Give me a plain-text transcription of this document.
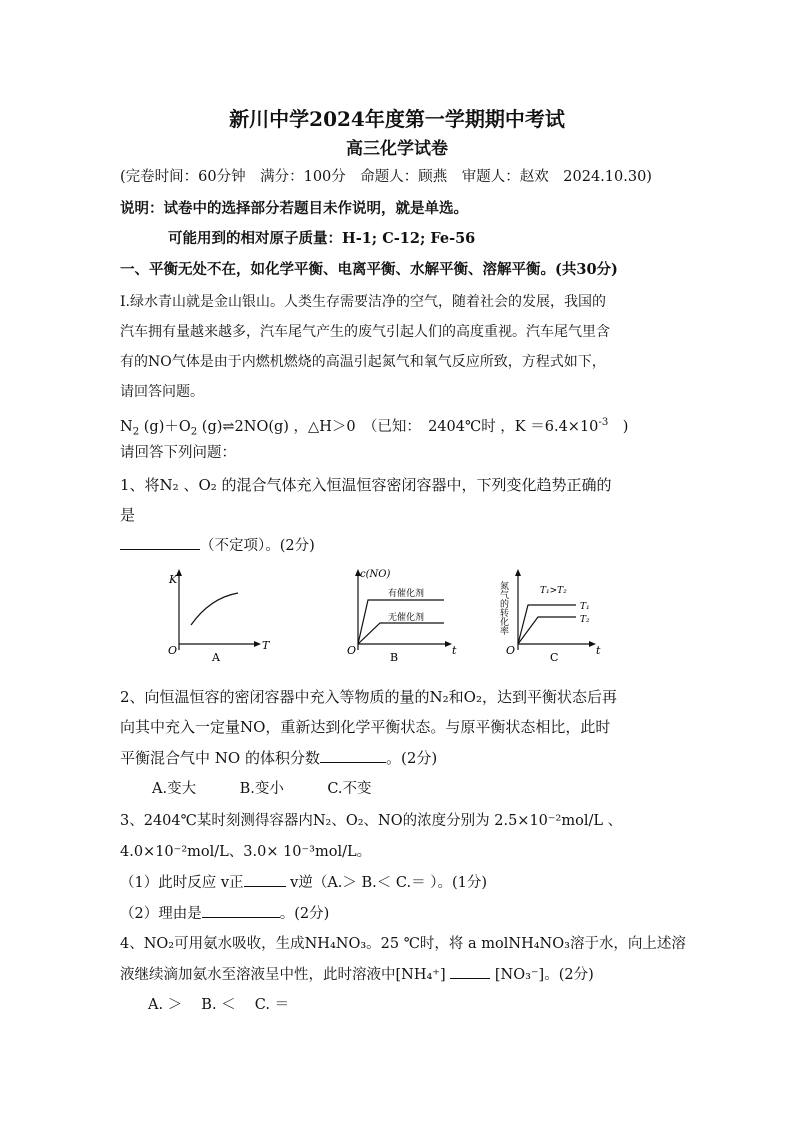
新川中学2024年度第一学期期中考试
高三化学试卷
(完卷时间：60分钟　满分：100分　命题人：顾燕　审题人：赵欢　2024.10.30)
说明：试卷中的选择部分若题目未作说明，就是单选。
可能用到的相对原子质量：H-1; C-12; Fe-56
一、平衡无处不在，如化学平衡、电离平衡、水解平衡、溶解平衡。(共30分)
Ⅰ.绿水青山就是金山银山。人类生存需要洁净的空气，随着社会的发展，我国的
汽车拥有量越来越多，汽车尾气产生的废气引起人们的高度重视。汽车尾气里含
有的NO气体是由于内燃机燃烧的高温引起氮气和氧气反应所致，方程式如下，
请回答问题。
$N_2$ $(g)+O_2$ (g)⇌2NO(g) ，△H＞0　（已知：　2404℃时 ，$K =6.4\times 10^{-3}$　)
请回答下列问题：
1、将N₂ 、O₂ 的混合气体充入恒温恒容密闭容器中，下列变化趋势正确的
是
（不定项）。(2分)
K
T
O
A
c(NO)
有催化剂
无催化剂
t
O
B
氮气的转化率	T₁>T₂
T₁
T₂
t
O
C
2、向恒温恒容的密闭容器中充入等物质的量的N₂和O₂，达到平衡状态后再
向其中充入一定量NO，重新达到化学平衡状态。与原平衡状态相比，此时
平衡混合气中 NO 的体积分数	。(2分)
A.变大　　　B.变小　　　C.不变
3、2404℃某时刻测得容器内N₂、O₂、NO的浓度分别为 2.5×10⁻²mol/L 、
4.0×10⁻²mol/L、3.0× 10⁻³mol/L。
（1）此时反应 v正	v逆（A.＞ B.＜ C.＝ ）。(1分)
（2）理由是	。(2分)
4、NO₂可用氨水吸收，生成NH₄NO₃。25 ℃时，将 a molNH₄NO₃溶于水，向上述溶
液继续滴加氨水至溶液呈中性，此时溶液中[NH₄⁺]	[NO₃⁻]。(2分)
A. ＞　 B. ＜　 C. ＝
